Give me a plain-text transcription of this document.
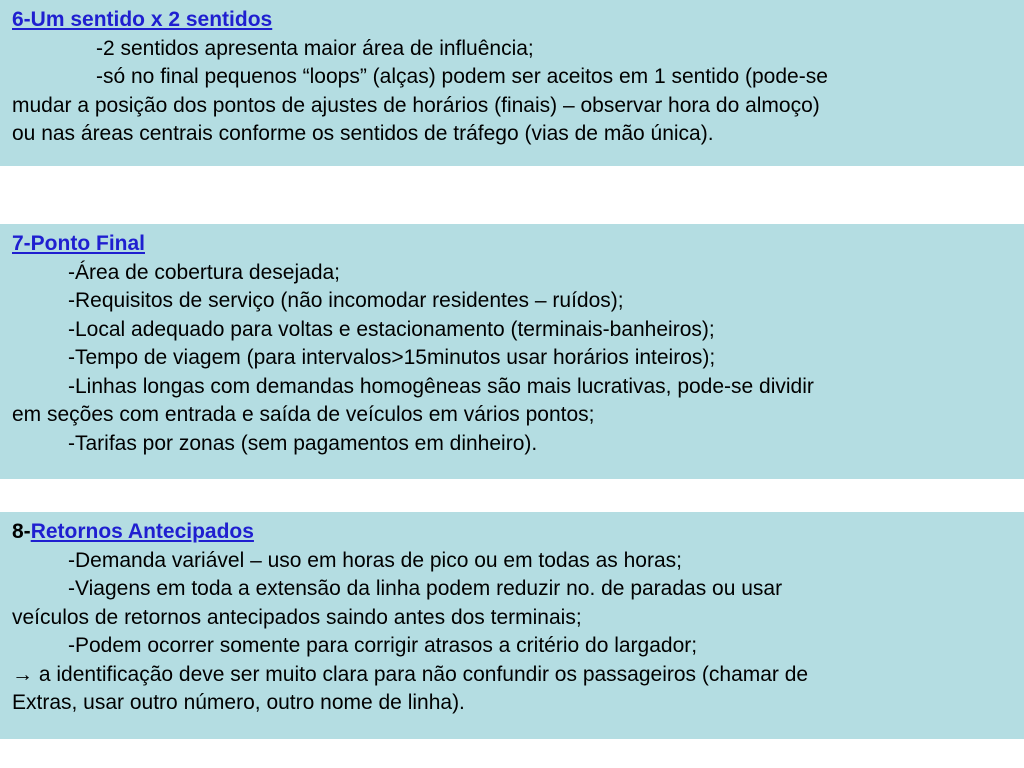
6-Um sentido x 2 sentidos
-2 sentidos apresenta maior área de influência;
-só no final pequenos “loops” (alças) podem ser aceitos em 1 sentido (pode-se
mudar a posição dos pontos de ajustes de horários (finais) – observar hora do almoço)
ou nas áreas centrais conforme os sentidos de tráfego (vias de mão única).
7-Ponto Final
-Área de cobertura desejada;
-Requisitos de serviço (não incomodar residentes – ruídos);
-Local adequado para voltas e estacionamento (terminais-banheiros);
-Tempo de viagem (para intervalos>15minutos usar horários inteiros);
-Linhas longas com demandas homogêneas são mais lucrativas, pode-se dividir
em seções com entrada e saída de veículos em vários pontos;
-Tarifas por zonas (sem pagamentos em dinheiro).
8-Retornos Antecipados
-Demanda variável – uso em horas de pico ou em todas as horas;
-Viagens em toda a extensão da linha podem reduzir no. de paradas ou usar
veículos de retornos antecipados saindo antes dos terminais;
-Podem ocorrer somente para corrigir atrasos a critério do largador;
→ a identificação deve ser muito clara para não confundir os passageiros (chamar de
Extras, usar outro número, outro nome de linha).
